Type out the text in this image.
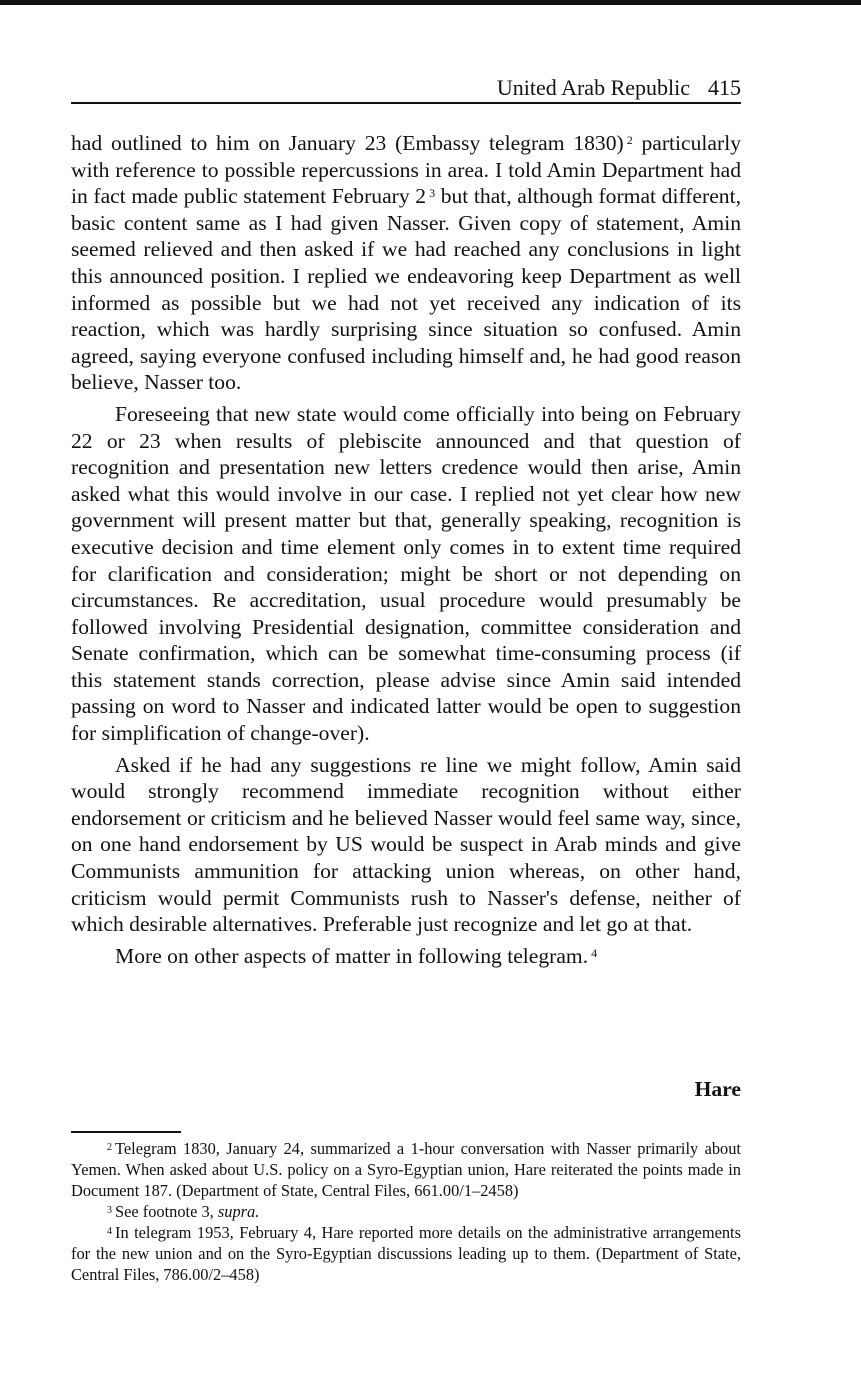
United Arab Republic 415

had outlined to him on January 23 (Embassy telegram 1830) $^2$ particularly with reference to possible repercussions in area. I told Amin Department had in fact made public statement February 2 $^3$ but that, although format different, basic content same as I had given Nasser. Given copy of statement, Amin seemed relieved and then asked if we had reached any conclusions in light this announced position. I replied we endeavoring keep Department as well informed as possible but we had not yet received any indication of its reaction, which was hardly surprising since situation so confused. Amin agreed, saying everyone confused including himself and, he had good reason believe, Nasser too.

Foreseeing that new state would come officially into being on February 22 or 23 when results of plebiscite announced and that question of recognition and presentation new letters credence would then arise, Amin asked what this would involve in our case. I replied not yet clear how new government will present matter but that, generally speaking, recognition is executive decision and time element only comes in to extent time required for clarification and consideration; might be short or not depending on circumstances. Re accreditation, usual procedure would presumably be followed involving Presidential designation, committee consideration and Senate confirmation, which can be somewhat time-consuming process (if this statement stands correction, please advise since Amin said intended passing on word to Nasser and indicated latter would be open to suggestion for simplification of change-over).

Asked if he had any suggestions re line we might follow, Amin said would strongly recommend immediate recognition without either endorsement or criticism and he believed Nasser would feel same way, since, on one hand endorsement by US would be suspect in Arab minds and give Communists ammunition for attacking union whereas, on other hand, criticism would permit Communists rush to Nasser's defense, neither of which desirable alternatives. Preferable just recognize and let go at that.

More on other aspects of matter in following telegram. $^4$

Hare

$^2$ Telegram 1830, January 24, summarized a 1-hour conversation with Nasser primarily about Yemen. When asked about U.S. policy on a Syro-Egyptian union, Hare reiterated the points made in Document 187. (Department of State, Central Files, 661.00/1–2458)

$^3$ See footnote 3, supra.

$^4$ In telegram 1953, February 4, Hare reported more details on the administrative arrangements for the new union and on the Syro-Egyptian discussions leading up to them. (Department of State, Central Files, 786.00/2–458)
